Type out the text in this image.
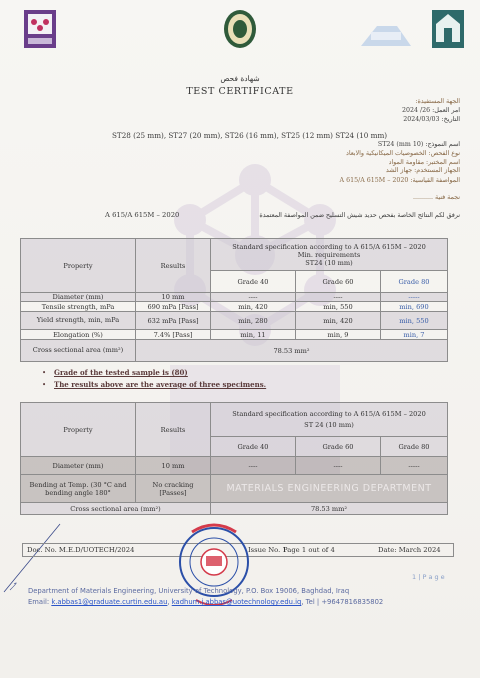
شهادة فحص
TEST CERTIFICATE
الجهة المستفيدة:
امر العمل: 26/ 2024
التاريخ: 2024/03/03
ST28 (25 mm), ST27 (20 mm), ST26 (16 mm), ST25 (12 mm) ST24 (10 mm)
اسم النموذج: (10 mm) ST24
نوع الفحص: الخصوصيات الميكانيكية والابعاد
اسم المختبر: مقاومة المواد
الجهاز المستخدم: جهاز الشد
المواصفة القياسية: 2020 – A 615/A 615M
نجمة فنية ..........
A 615/A 615M – 2020	نرفق لكم النتائج الخاصة بفحص حديد شيش التسليح ضمن المواصفة المعتمدة
Property	Results	Standard specification according to A 615/A 615M – 2020
Min. requirements
ST24 (10 mm)		

		Grade 40	Grade 60	Grade 80
Diameter (mm)	10 mm	----	----	-----
Tensile strength, mPa	690 mPa [Pass]	min, 420	min, 550	min, 690
Yield strength, min, mPa	632 mPa [Pass]	min, 280	min, 420	min, 550
Elongation (%)	7.4% [Pass]	min, 11	min, 9	min, 7
Cross sectional area (mm²)	78.53 mm²			
• Grade of the tested sample is (80)
• The results above are the average of three specimens.
Property	Results	Standard specification according to A 615/A 615M – 2020
ST 24 (10 mm)		

		Grade 40	Grade 60	Grade 80
Diameter (mm)	10 mm	----	----	-----
Bending at Temp. (30 °C and bending angle 180°	No cracking [Passes]	MATERIALS ENGINEERING DEPARTMENT		
Cross sectional area (mm²)		78.53 mm²		
Doc. No. M.E.D/UOTECH/2024	Issue No. 1
Page 1 out of 4	Date: March 2024
1 | P a g e
Department of Materials Engineering, University of Technology, P.O. Box 19006, Baghdad, Iraq
Email: k.abbas1@graduate.curtin.edu.au, kadhum.j.abbas@uotechnology.edu.iq, Tel | +9647816835802
